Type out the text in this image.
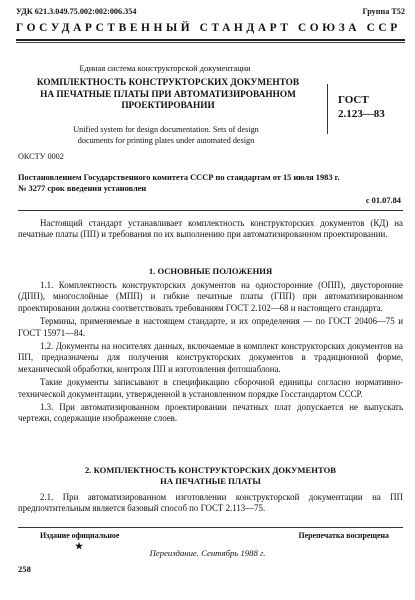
УДК 621.3.049.75.002:002:006.354	Группа Т52
ГОСУДАРСТВЕННЫЙ СТАНДАРТ СОЮЗА ССР
Единая система конструкторской документации
КОМПЛЕКТНОСТЬ КОНСТРУКТОРСКИХ ДОКУМЕНТОВ
НА ПЕЧАТНЫЕ ПЛАТЫ ПРИ АВТОМАТИЗИРОВАННОМ
ПРОЕКТИРОВАНИИ	ГОСТ
2.123—83
Unified system for design documentation. Sets of design
documents for printing plates under automated design
ОКСТУ 0002
Постановлением Государственного комитета СССР по стандартам от 15 июля 1983 г.
№ 3277 срок введения установлен
с 01.07.84

Настоящий стандарт устанавливает комплектность конструкторских документов (КД) на печатные платы (ПП) и требования по их выполнению при автоматизированном проектировании.

1. ОСНОВНЫЕ ПОЛОЖЕНИЯ

1.1. Комплектность конструкторских документов на односторонние (ОПП), двусторонние (ДПП), многослойные (МПП) и гибкие печатные платы (ГПП) при автоматизированном проектировании должна соответствовать требованиям ГОСТ 2.102—68 и настоящего стандарта.

Термины, применяемые в настоящем стандарте, и их определения — по ГОСТ 20406—75 и ГОСТ 15971—84.

1.2. Документы на носителях данных, включаемые в комплект конструкторских документов на ПП, предназначены для получения конструкторских документов в традиционной форме, механической обработки, контроля ПП и изготовления фотошаблона.

Такие документы записывают в спецификацию сборочной единицы согласно нормативно-технической документации, утвержденной в установленном порядке Госстандартом СССР.

1.3. При автоматизированном проектировании печатных плат допускается не выпускать чертежи, содержащие изображение слоев.

2. КОМПЛЕКТНОСТЬ КОНСТРУКТОРСКИХ ДОКУМЕНТОВ
НА ПЕЧАТНЫЕ ПЛАТЫ

2.1. При автоматизированном изготовлении конструкторской документации на ПП предпочтительным является базовый способ по ГОСТ 2.113—75.

Издание официальное	Перепечатка воспрещена
★
Переиздание. Сентябрь 1988 г.
258
